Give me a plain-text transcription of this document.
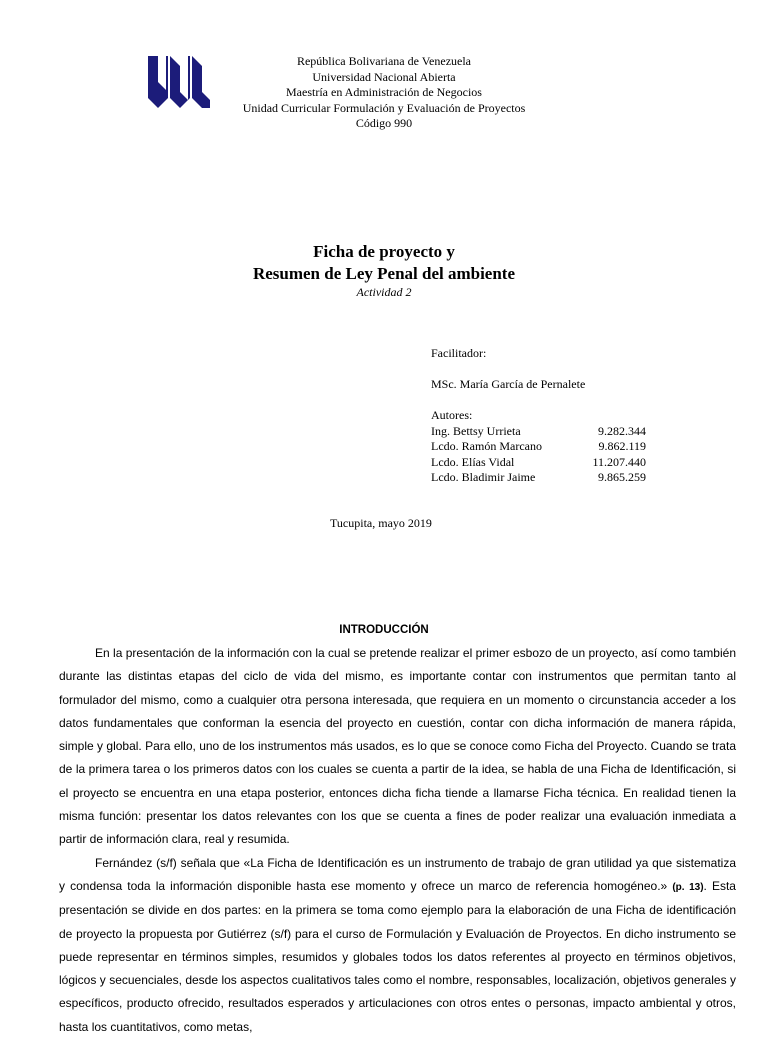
República Bolivariana de Venezuela
Universidad Nacional Abierta
Maestría en Administración de Negocios
Unidad Curricular Formulación y Evaluación de Proyectos
Código 990
Ficha de proyecto y
Resumen de Ley Penal del ambiente
Actividad 2
Facilitador:
MSc. María García de Pernalete
Autores:
Ing. Bettsy Urrieta	9.282.344
Lcdo. Ramón Marcano	9.862.119
Lcdo. Elías Vidal	11.207.440
Lcdo. Bladimir Jaime	9.865.259
Tucupita, mayo 2019
INTRODUCCIÓN

En la presentación de la información con la cual se pretende realizar el primer esbozo de un proyecto, así como también durante las distintas etapas del ciclo de vida del mismo, es importante contar con instrumentos que permitan tanto al formulador del mismo, como a cualquier otra persona interesada, que requiera en un momento o circunstancia acceder a los datos fundamentales que conforman la esencia del proyecto en cuestión, contar con dicha información de manera rápida, simple y global. Para ello, uno de los instrumentos más usados, es lo que se conoce como Ficha del Proyecto. Cuando se trata de la primera tarea o los primeros datos con los cuales se cuenta a partir de la idea, se habla de una Ficha de Identificación, si el proyecto se encuentra en una etapa posterior, entonces dicha ficha tiende a llamarse Ficha técnica. En realidad tienen la misma función: presentar los datos relevantes con los que se cuenta a fines de poder realizar una evaluación inmediata a partir de información clara, real y resumida.

Fernández (s/f) señala que «La Ficha de Identificación es un instrumento de trabajo de gran utilidad ya que sistematiza y condensa toda la información disponible hasta ese momento y ofrece un marco de referencia homogéneo.» (p. 13). Esta presentación se divide en dos partes: en la primera se toma como ejemplo para la elaboración de una Ficha de identificación de proyecto la propuesta por Gutiérrez (s/f) para el curso de Formulación y Evaluación de Proyectos. En dicho instrumento se puede representar en términos simples, resumidos y globales todos los datos referentes al proyecto en términos objetivos, lógicos y secuenciales, desde los aspectos cualitativos tales como el nombre, responsables, localización, objetivos generales y específicos, producto ofrecido, resultados esperados y articulaciones con otros entes o personas, impacto ambiental y otros, hasta los cuantitativos, como metas,
